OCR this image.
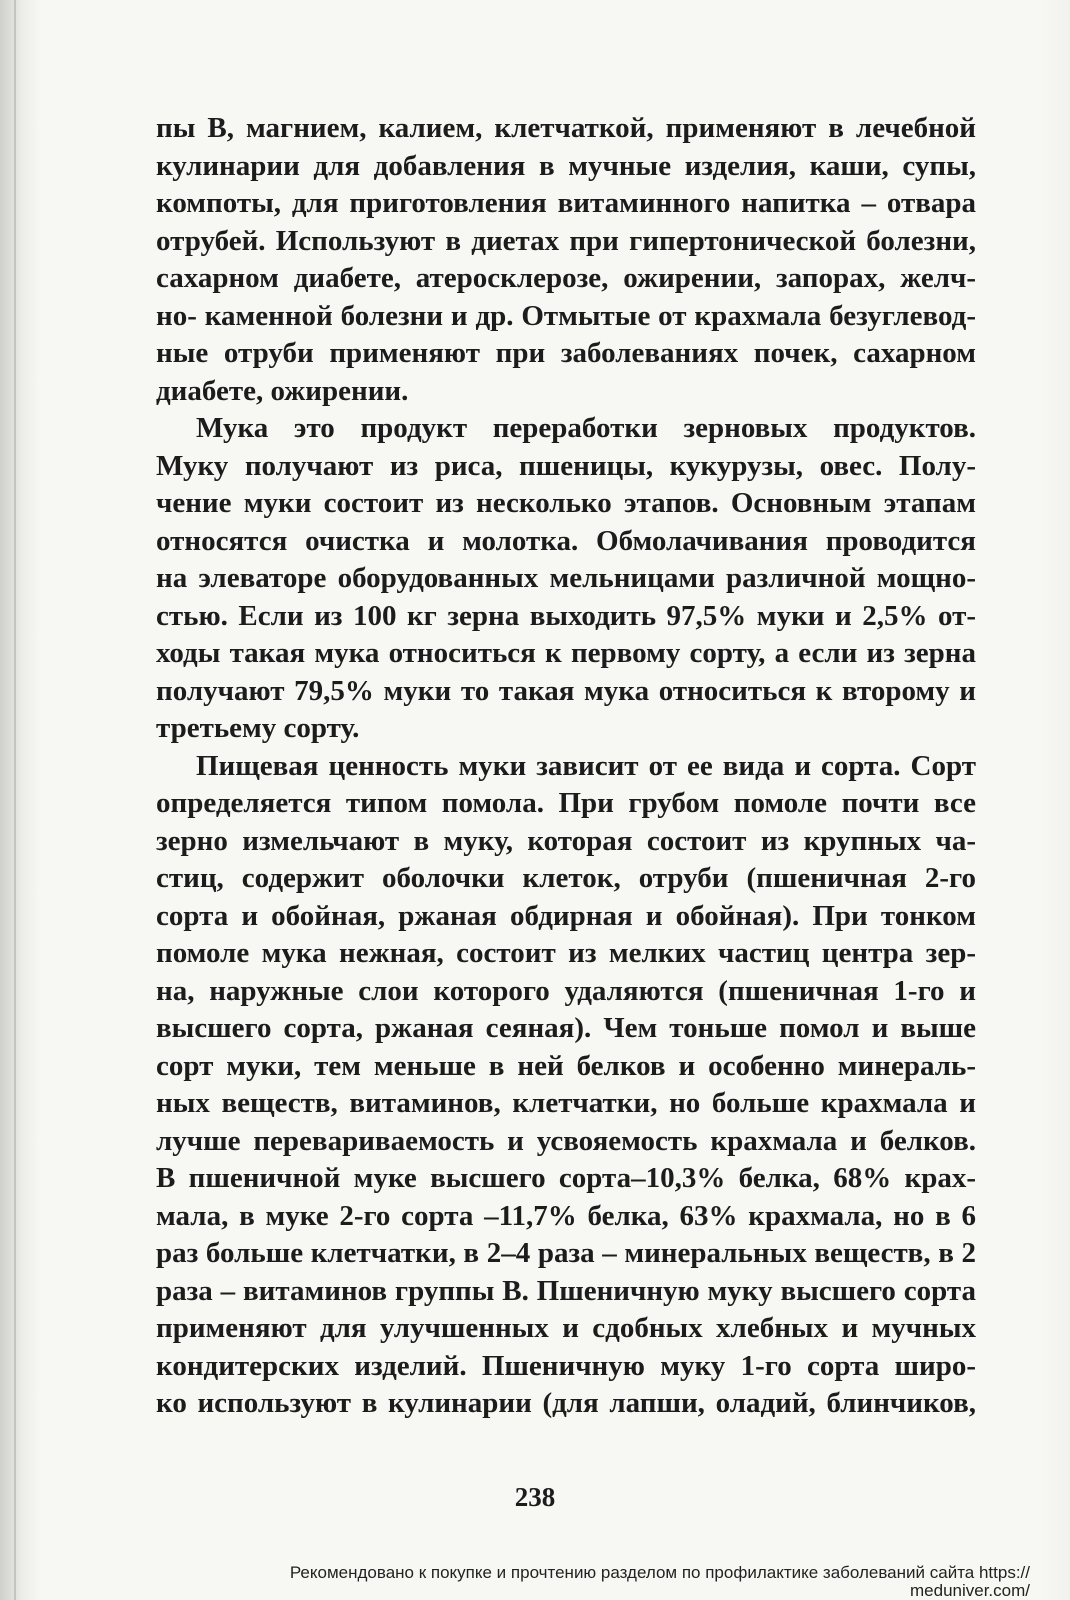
пы В, магнием, калием, клетчаткой, применяют в лечебной
кулинарии для добавления в мучные изделия, каши, супы,
компоты, для приготовления витаминного напитка – отвара
отрубей. Используют в диетах при гипертонической болезни,
сахарном диабете, атеросклерозе, ожирении, запорах, желч-
но- каменной болезни и др. Отмытые от крахмала безуглевод-
ные отруби применяют при заболеваниях почек, сахарном
диабете, ожирении.
Мука это продукт переработки зерновых продуктов.
Муку получают из риса, пшеницы, кукурузы, овес. Полу-
чение муки состоит из несколько этапов. Основным этапам
относятся очистка и молотка. Обмолачивания проводится
на элеваторе оборудованных мельницами различной мощно-
стью. Если из 100 кг зерна выходить 97,5% муки и 2,5% от-
ходы такая мука относиться к первому сорту, а если из зерна
получают 79,5% муки то такая мука относиться к второму и
третьему сорту.
Пищевая ценность муки зависит от ее вида и сорта. Сорт
определяется типом помола. При грубом помоле почти все
зерно измельчают в муку, которая состоит из крупных ча-
стиц, содержит оболочки клеток, отруби (пшеничная 2-го
сорта и обойная, ржаная обдирная и обойная). При тонком
помоле мука нежная, состоит из мелких частиц центра зер-
на, наружные слои которого удаляются (пшеничная 1-го и
высшего сорта, ржаная сеяная). Чем тоньше помол и выше
сорт муки, тем меньше в ней белков и особенно минераль-
ных веществ, витаминов, клетчатки, но больше крахмала и
лучше перевариваемость и усвояемость крахмала и белков.
В пшеничной муке высшего сорта–10,3% белка, 68% крах-
мала, в муке 2-го сорта –11,7% белка, 63% крахмала, но в 6
раз больше клетчатки, в 2–4 раза – минеральных веществ, в 2
раза – витаминов группы В. Пшеничную муку высшего сорта
применяют для улучшенных и сдобных хлебных и мучных
кондитерских изделий. Пшеничную муку 1-го сорта широ-
ко используют в кулинарии (для лапши, оладий, блинчиков,
238
Рекомендовано к покупке и прочтению разделом по профилактике заболеваний сайта https://
meduniver.com/
